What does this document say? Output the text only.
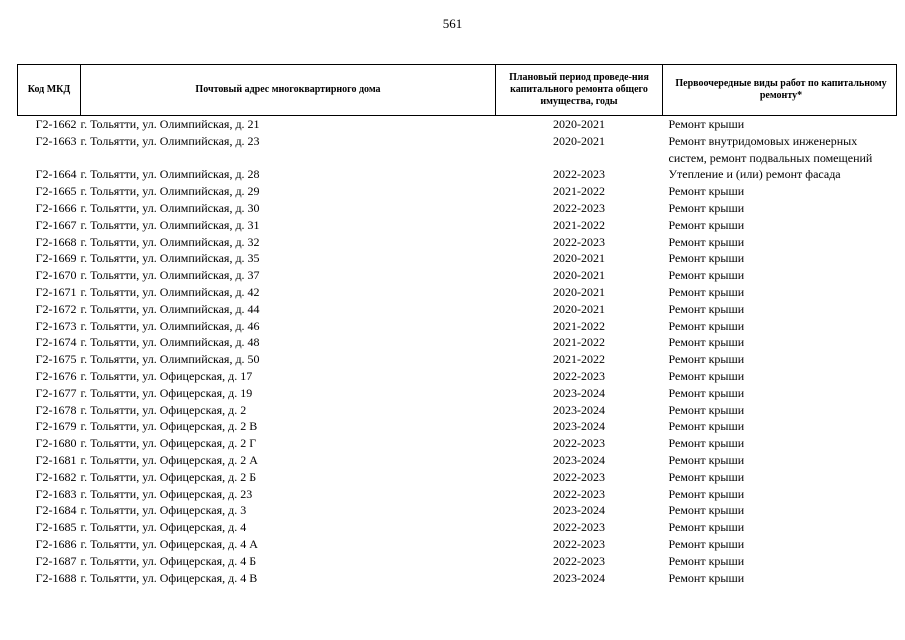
561
Код МКД	Почтовый адрес многоквартирного дома	Плановый период проведе-ния капитального ремонта общего имущества, годы	Первоочередные виды работ по капитальному ремонту*
Г2-1662	г. Тольятти, ул. Олимпийская, д. 21	2020-2021	Ремонт крыши
Г2-1663	г. Тольятти, ул. Олимпийская, д. 23	2020-2021	Ремонт внутридомовых инженерных систем, ремонт подвальных помещений
Г2-1664	г. Тольятти, ул. Олимпийская, д. 28	2022-2023	Утепление и (или) ремонт фасада
Г2-1665	г. Тольятти, ул. Олимпийская, д. 29	2021-2022	Ремонт крыши
Г2-1666	г. Тольятти, ул. Олимпийская, д. 30	2022-2023	Ремонт крыши
Г2-1667	г. Тольятти, ул. Олимпийская, д. 31	2021-2022	Ремонт крыши
Г2-1668	г. Тольятти, ул. Олимпийская, д. 32	2022-2023	Ремонт крыши
Г2-1669	г. Тольятти, ул. Олимпийская, д. 35	2020-2021	Ремонт крыши
Г2-1670	г. Тольятти, ул. Олимпийская, д. 37	2020-2021	Ремонт крыши
Г2-1671	г. Тольятти, ул. Олимпийская, д. 42	2020-2021	Ремонт крыши
Г2-1672	г. Тольятти, ул. Олимпийская, д. 44	2020-2021	Ремонт крыши
Г2-1673	г. Тольятти, ул. Олимпийская, д. 46	2021-2022	Ремонт крыши
Г2-1674	г. Тольятти, ул. Олимпийская, д. 48	2021-2022	Ремонт крыши
Г2-1675	г. Тольятти, ул. Олимпийская, д. 50	2021-2022	Ремонт крыши
Г2-1676	г. Тольятти, ул. Офицерская, д. 17	2022-2023	Ремонт крыши
Г2-1677	г. Тольятти, ул. Офицерская, д. 19	2023-2024	Ремонт крыши
Г2-1678	г. Тольятти, ул. Офицерская, д. 2	2023-2024	Ремонт крыши
Г2-1679	г. Тольятти, ул. Офицерская, д. 2 В	2023-2024	Ремонт крыши
Г2-1680	г. Тольятти, ул. Офицерская, д. 2 Г	2022-2023	Ремонт крыши
Г2-1681	г. Тольятти, ул. Офицерская, д. 2 А	2023-2024	Ремонт крыши
Г2-1682	г. Тольятти, ул. Офицерская, д. 2 Б	2022-2023	Ремонт крыши
Г2-1683	г. Тольятти, ул. Офицерская, д. 23	2022-2023	Ремонт крыши
Г2-1684	г. Тольятти, ул. Офицерская, д. 3	2023-2024	Ремонт крыши
Г2-1685	г. Тольятти, ул. Офицерская, д. 4	2022-2023	Ремонт крыши
Г2-1686	г. Тольятти, ул. Офицерская, д. 4 А	2022-2023	Ремонт крыши
Г2-1687	г. Тольятти, ул. Офицерская, д. 4 Б	2022-2023	Ремонт крыши
Г2-1688	г. Тольятти, ул. Офицерская, д. 4 В	2023-2024	Ремонт крыши
